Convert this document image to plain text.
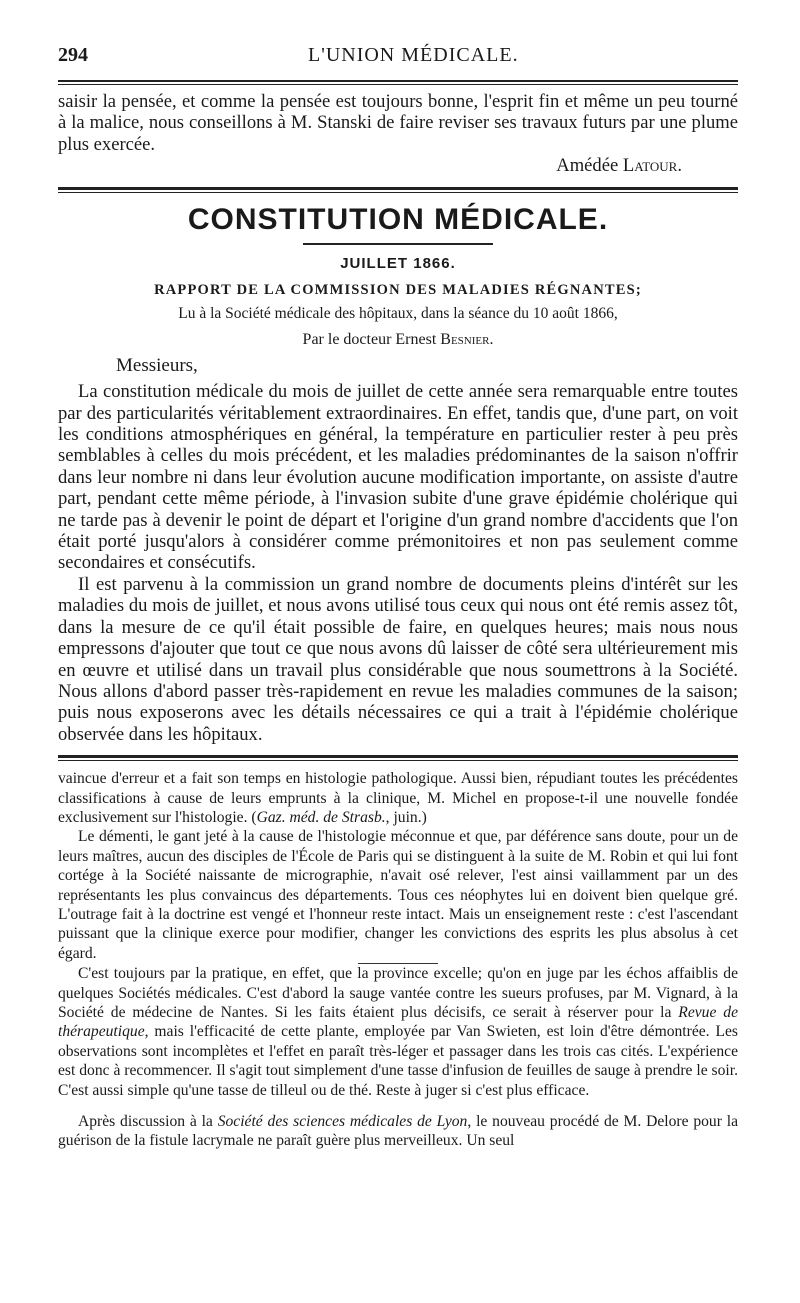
294	L'UNION MÉDICALE.

saisir la pensée, et comme la pensée est toujours bonne, l'esprit fin et même un peu tourné à la malice, nous conseillons à M. Stanski de faire reviser ses travaux futurs par une plume plus exercée.

Amédée Latour.
CONSTITUTION MÉDICALE.
JUILLET 1866.
RAPPORT DE LA COMMISSION DES MALADIES RÉGNANTES;
Lu à la Société médicale des hôpitaux, dans la séance du 10 août 1866,
Par le docteur Ernest Besnier.
Messieurs,

La constitution médicale du mois de juillet de cette année sera remarquable entre toutes par des particularités véritablement extraordinaires. En effet, tandis que, d'une part, on voit les conditions atmosphériques en général, la température en particulier rester à peu près semblables à celles du mois précédent, et les maladies prédominantes de la saison n'offrir dans leur nombre ni dans leur évolution aucune modification importante, on assiste d'autre part, pendant cette même période, à l'invasion subite d'une grave épidémie cholérique qui ne tarde pas à devenir le point de départ et l'origine d'un grand nombre d'accidents que l'on était porté jusqu'alors à considérer comme prémonitoires et non pas seulement comme secondaires et consécutifs.

Il est parvenu à la commission un grand nombre de documents pleins d'intérêt sur les maladies du mois de juillet, et nous avons utilisé tous ceux qui nous ont été remis assez tôt, dans la mesure de ce qu'il était possible de faire, en quelques heures; mais nous nous empressons d'ajouter que tout ce que nous avons dû laisser de côté sera ultérieurement mis en œuvre et utilisé dans un travail plus considérable que nous soumettrons à la Société. Nous allons d'abord passer très-rapidement en revue les maladies communes de la saison; puis nous exposerons avec les détails nécessaires ce qui a trait à l'épidémie cholérique observée dans les hôpitaux.

vaincue d'erreur et a fait son temps en histologie pathologique. Aussi bien, répudiant toutes les précédentes classifications à cause de leurs emprunts à la clinique, M. Michel en propose-t-il une nouvelle fondée exclusivement sur l'histologie. (Gaz. méd. de Strasb., juin.)

Le démenti, le gant jeté à la cause de l'histologie méconnue et que, par déférence sans doute, pour un de leurs maîtres, aucun des disciples de l'École de Paris qui se distinguent à la suite de M. Robin et qui lui font cortége à la Société naissante de micrographie, n'avait osé relever, l'est ainsi vaillamment par un des représentants les plus convaincus des départements. Tous ces néophytes lui en doivent bien quelque gré. L'outrage fait à la doctrine est vengé et l'honneur reste intact. Mais un enseignement reste : c'est l'ascendant puissant que la clinique exerce pour modifier, changer les convictions des esprits les plus absolus à cet égard.

C'est toujours par la pratique, en effet, que la province excelle; qu'on en juge par les échos affaiblis de quelques Sociétés médicales. C'est d'abord la sauge vantée contre les sueurs profuses, par M. Vignard, à la Société de médecine de Nantes. Si les faits étaient plus décisifs, ce serait à réserver pour la Revue de thérapeutique, mais l'efficacité de cette plante, employée par Van Swieten, est loin d'être démontrée. Les observations sont incomplètes et l'effet en paraît très-léger et passager dans les trois cas cités. L'expérience est donc à recommencer. Il s'agit tout simplement d'une tasse d'infusion de feuilles de sauge à prendre le soir. C'est aussi simple qu'une tasse de tilleul ou de thé. Reste à juger si c'est plus efficace.

Après discussion à la Société des sciences médicales de Lyon, le nouveau procédé de M. Delore pour la guérison de la fistule lacrymale ne paraît guère plus merveilleux. Un seul
